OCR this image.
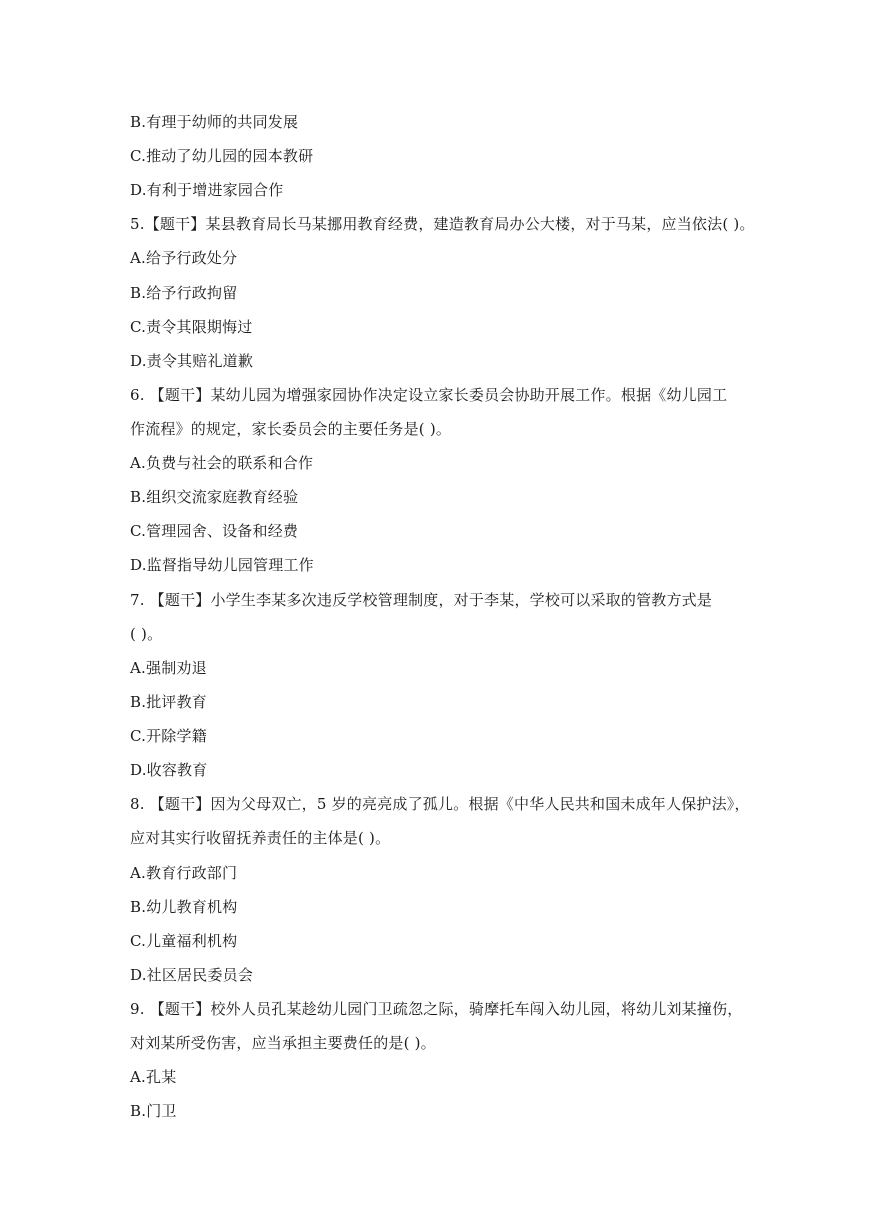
B.有理于幼师的共同发展
C.推动了幼儿园的园本教研
D.有利于增进家园合作
5.【题干】某县教育局长马某挪用教育经费，建造教育局办公大楼，对于马某，应当依法( )。
A.给予行政处分
B.给予行政拘留
C.责令其限期悔过
D.责令其赔礼道歉
6. 【题干】某幼儿园为增强家园协作决定设立家长委员会协助开展工作。根据《幼儿园工
作流程》的规定，家长委员会的主要任务是( )。
A.负费与社会的联系和合作
B.组织交流家庭教育经验
C.管理园舍、设备和经费
D.监督指导幼儿园管理工作
7. 【题干】小学生李某多次违反学校管理制度，对于李某，学校可以采取的管教方式是
( )。
A.强制劝退
B.批评教育
C.开除学籍
D.收容教育
8. 【题干】因为父母双亡，5 岁的亮亮成了孤儿。根据《中华人民共和国未成年人保护法》，
应对其实行收留抚养责任的主体是( )。
A.教育行政部门
B.幼儿教育机构
C.儿童福利机构
D.社区居民委员会
9. 【题干】校外人员孔某趁幼儿园门卫疏忽之际，骑摩托车闯入幼儿园，将幼儿刘某撞伤，
对刘某所受伤害，应当承担主要费任的是( )。
A.孔某
B.门卫
